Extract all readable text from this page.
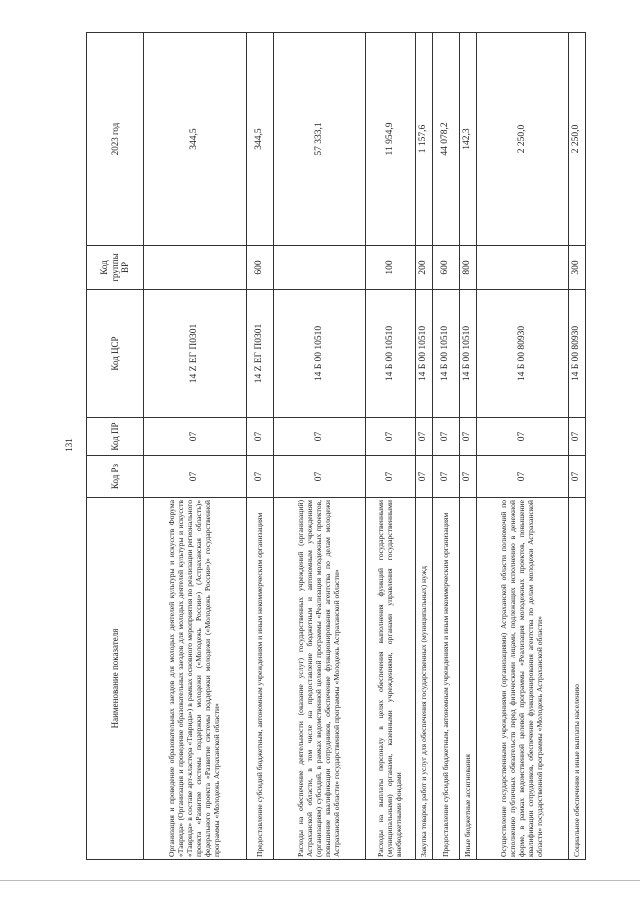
131
Наименование показателя	Код Рз	Код ПР	Код ЦСР	Код группы ВР	2023 год
Организация и проведение образовательных заездов для молодых деятелей культуры и искусств Форума «Таврида» (Организация и проведение образовательных заездов для молодых деятелей культуры и искусств «Таврида» в составе арт-кластера «Таврида») в рамках основного мероприятия по реализации регионального проекта «Развитие системы поддержки молодежи («Молодежь России») (Астраханская область)» федерального проекта «Развитие системы поддержки молодежи («Молодежь России»)» государственной программы «Молодежь Астраханской области»	07	07	14 Z EГ П0301		344,5
Предоставление субсидий бюджетным, автономным учреждениям и иным некоммерческим организациям	07	07	14 Z EГ П0301	600	344,5
Расходы на обеспечение деятельности (оказание услуг) государственных учреждений (организаций) Астраханской области, в том числе на предоставление бюджетным и автономным учреждениям (организациям) субсидий, в рамках ведомственной целевой программы «Реализация молодежных проектов, повышение квалификации сотрудников, обеспечение функционирования агентства по делам молодежи Астраханской области» государственной программы «Молодежь Астраханской области»	07	07	14 Б 00 10510		57 333,1
Расходы на выплаты персоналу в целях обеспечения выполнения функций государственными (муниципальными) органами, казенными учреждениями, органами управления государственными внебюджетными фондами	07	07	14 Б 00 10510	100	11 954,9
Закупка товаров, работ и услуг для обеспечения государственных (муниципальных) нужд	07	07	14 Б 00 10510	200	1 157,6
Предоставление субсидий бюджетным, автономным учреждениям и иным некоммерческим организациям	07	07	14 Б 00 10510	600	44 078,2
Иные бюджетные ассигнования	07	07	14 Б 00 10510	800	142,3
Осуществление государственными учреждениями (организациями) Астраханской области полномочий по исполнению публичных обязательств перед физическими лицами, подлежащих исполнению в денежной форме, в рамках ведомственной целевой программы «Реализация молодежных проектов, повышение квалификации сотрудников, обеспечение функционирования агентства по делам молодежи Астраханской области» государственной программы «Молодежь Астраханской области»	07	07	14 Б 00 80930		2 250,0
Социальное обеспечение и иные выплаты населению	07	07	14 Б 00 80930	300	2 250,0
